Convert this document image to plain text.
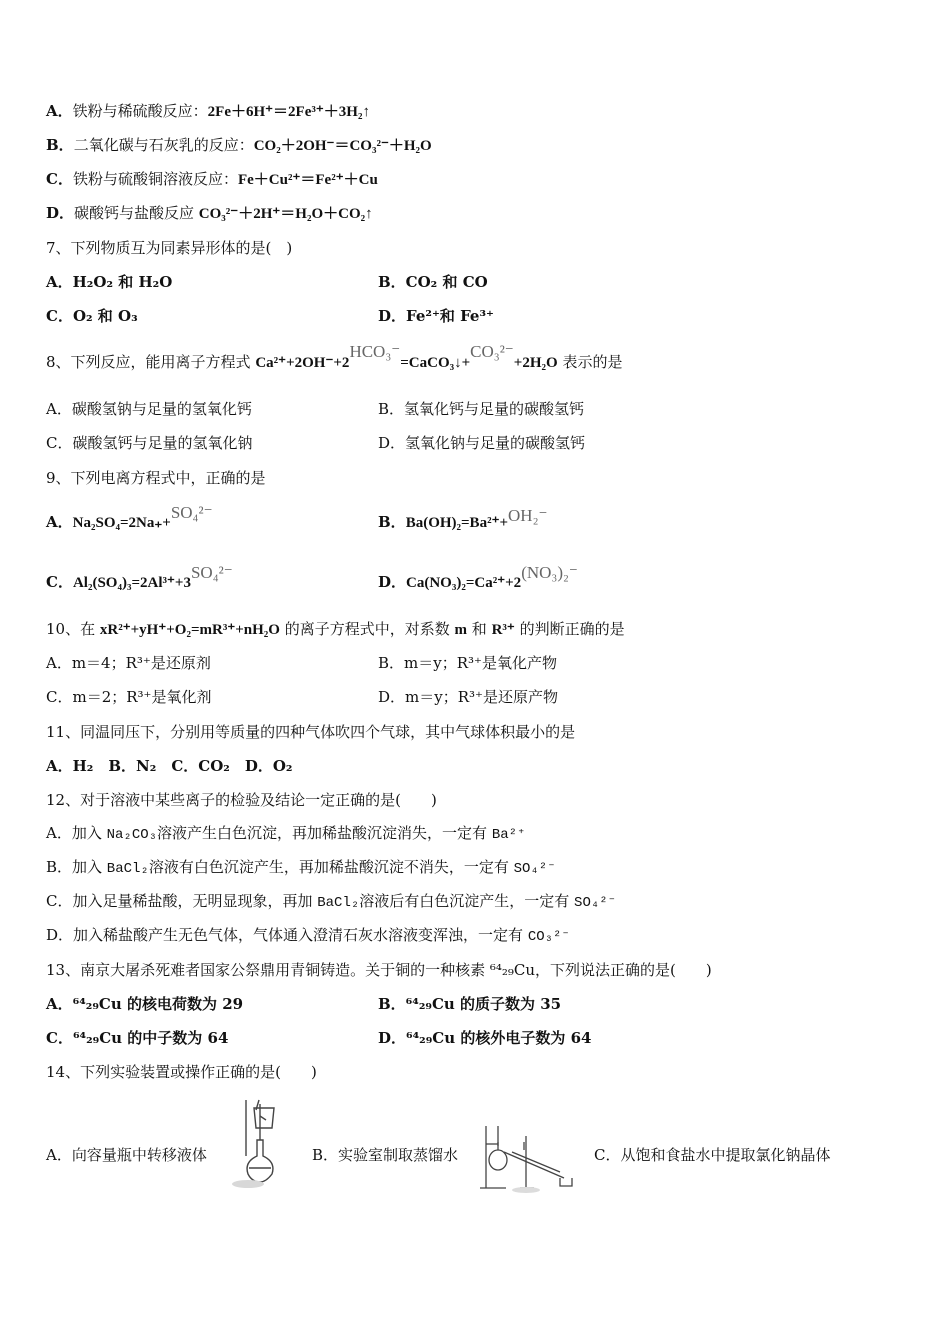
A．铁粉与稀硫酸反应：2Fe＋6H⁺＝2Fe³⁺＋3H₂↑
B．二氧化碳与石灰乳的反应：CO₂＋2OH⁻＝CO₃²⁻＋H₂O
C．铁粉与硫酸铜溶液反应：Fe＋Cu²⁺＝Fe²⁺＋Cu
D．碳酸钙与盐酸反应 CO₃²⁻＋2H⁺＝H₂O＋CO₂↑
7、下列物质互为同素异形体的是(　)
A．H₂O₂ 和 H₂O	B．CO₂ 和 CO
C．O₂ 和 O₃	D．Fe²⁺和 Fe³⁺
8、下列反应，能用离子方程式 Ca²⁺+2OH⁻+2HCO₃⁻=CaCO₃↓+CO₃²⁻+2H₂O 表示的是
A．碳酸氢钠与足量的氢氧化钙	B．氢氧化钙与足量的碳酸氢钙
C．碳酸氢钙与足量的氢氧化钠	D．氢氧化钠与足量的碳酸氢钙
9、下列电离方程式中，正确的是
A．Na₂SO₄=2Na₊+SO₄²⁻	B．Ba(OH)₂=Ba²⁺+OH₂⁻
C．Al₂(SO₄)₃=2Al³⁺+3SO₄²⁻	D．Ca(NO₃)₂=Ca²⁺+2(NO₃)₂⁻
10、在 xR²⁺+yH⁺+O₂=mR³⁺+nH₂O 的离子方程式中，对系数 m 和 R³⁺ 的判断正确的是
A．m＝4；R³⁺是还原剂	B．m＝y；R³⁺是氧化产物
C．m＝2；R³⁺是氧化剂	D．m＝y；R³⁺是还原产物
11、同温同压下，分别用等质量的四种气体吹四个气球，其中气球体积最小的是
A．H₂　B．N₂　C．CO₂　D．O₂
12、对于溶液中某些离子的检验及结论一定正确的是(　　)
A．加入 Na₂CO₃溶液产生白色沉淀，再加稀盐酸沉淀消失，一定有 Ba²⁺
B．加入 BaCl₂溶液有白色沉淀产生，再加稀盐酸沉淀不消失，一定有 SO₄²⁻
C．加入足量稀盐酸，无明显现象，再加 BaCl₂溶液后有白色沉淀产生，一定有 SO₄²⁻
D．加入稀盐酸产生无色气体，气体通入澄清石灰水溶液变浑浊，一定有 CO₃²⁻
13、南京大屠杀死难者国家公祭鼎用青铜铸造。关于铜的一种核素 ⁶⁴₂₉Cu，下列说法正确的是(　　)
A．⁶⁴₂₉Cu 的核电荷数为 29	B．⁶⁴₂₉Cu 的质子数为 35
C．⁶⁴₂₉Cu 的中子数为 64	D．⁶⁴₂₉Cu 的核外电子数为 64
14、下列实验装置或操作正确的是(　　)
A．向容量瓶中转移液体	B．实验室制取蒸馏水	C．从饱和食盐水中提取氯化钠晶体
